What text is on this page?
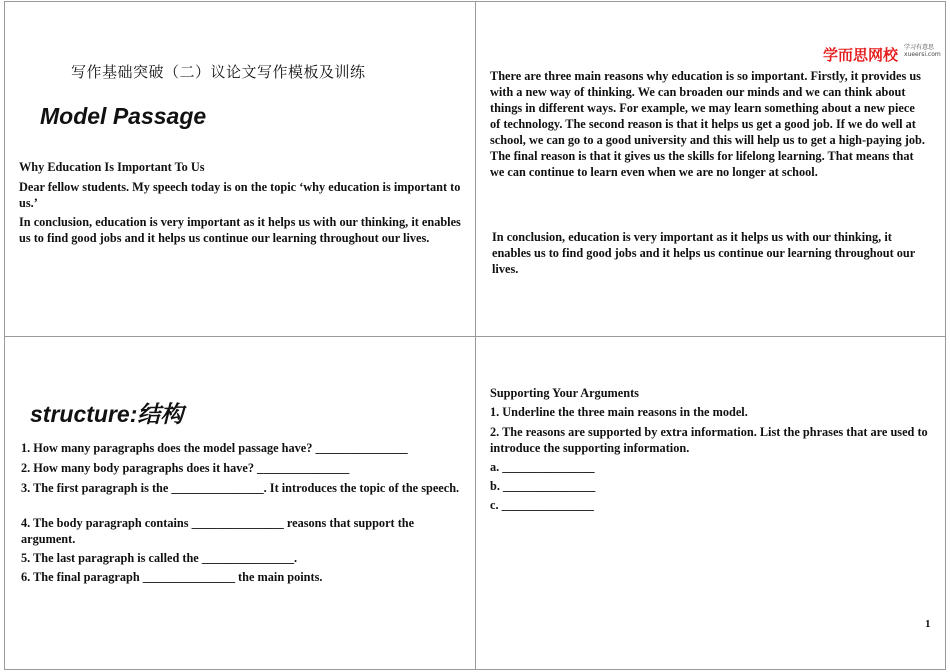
写作基础突破（二）议论文写作模板及训练
Model Passage
Why Education Is Important To Us
Dear fellow students. My speech today is on the topic ‘why education is important to us.’
In conclusion, education is very important as it helps us with our thinking, it enables us to find good jobs and it helps us continue our learning throughout our lives.
学而思网校 学习有意思
xueersi.com
There are three main reasons why education is so important. Firstly, it provides us with a new way of thinking. We can broaden our minds and we can think about things in different ways. For example, we may learn something about a new piece of technology. The second reason is that it helps us get a good job. If we do well at school, we can go to a good university and this will help us to get a high-paying job. The final reason is that it gives us the skills for lifelong learning. That means that we can continue to learn even when we are no longer at school.
In conclusion, education is very important as it helps us with our thinking, it enables us to find good jobs and it helps us continue our learning throughout our lives.
structure:结构
1. How many paragraphs does the model passage have? _______________
2. How many body paragraphs does it have? _______________
3. The first paragraph is the _______________. It introduces the topic of the speech.
4. The body paragraph contains _______________ reasons that support the argument.
5. The last paragraph is called the _______________.
6. The final paragraph _______________ the main points.
Supporting Your Arguments
1. Underline the three main reasons in the model.
2. The reasons are supported by extra information. List the phrases that are used to introduce the supporting information.
a. _______________
b. _______________
c. _______________
1
